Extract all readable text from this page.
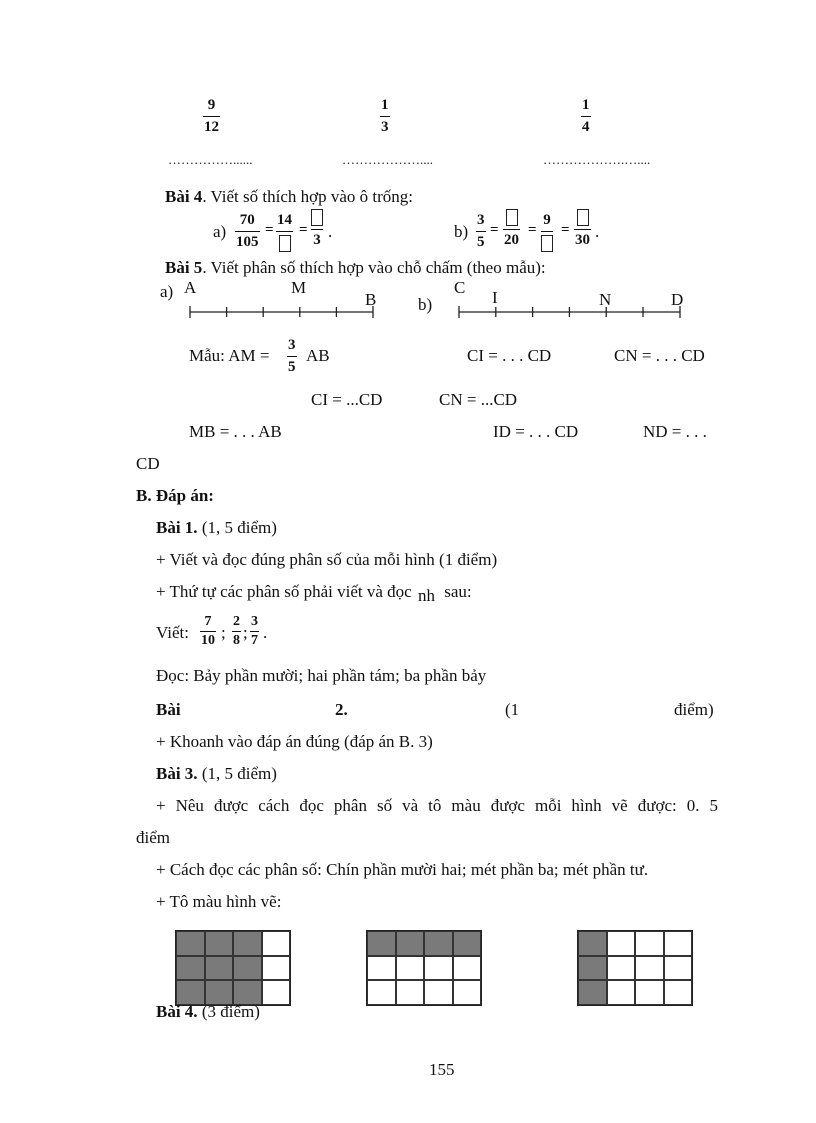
9
12
1
3
1
4
……………......	………………....	……………….…....
Bài 4. Viết số thích hợp vào ô trống:
a)
70
105
=
14
=
3 .	b)
3
5
=
20
=
9
=
30 .
Bài 5. Viết phân số thích hợp vào chỗ chấm (theo mẫu):
a) A	M
B b)
C
I	N	D
Mẫu: AM =
3
5
AB	CI = . . . CD	CN = . . . CD
CI = ...CD	CN = ...CD
MB = . . . AB	ID = . . . CD	ND = . . .
CD
B. Đáp án:
Bài 1. (1, 5 điểm)
+ Viết và đọc đúng phân số của mỗi hình (1 điểm)
+ Thứ tự các phân số phải viết và đọc nh sau:
Viết:
7
10 ;
2
8 ;
3
7 .
Đọc: Bảy phần mười; hai phần tám; ba phần bảy
Bài	2.	(1	điểm)
+ Khoanh vào đáp án đúng (đáp án B. 3)
Bài 3. (1, 5 điểm)
+ Nêu được cách đọc phân số và tô màu được mỗi hình vẽ được: 0. 5
điểm
+ Cách đọc các phân số: Chín phần mười hai; mét phần ba; mét phần tư.
+ Tô màu hình vẽ:
Bài 4. (3 điểm)
155
